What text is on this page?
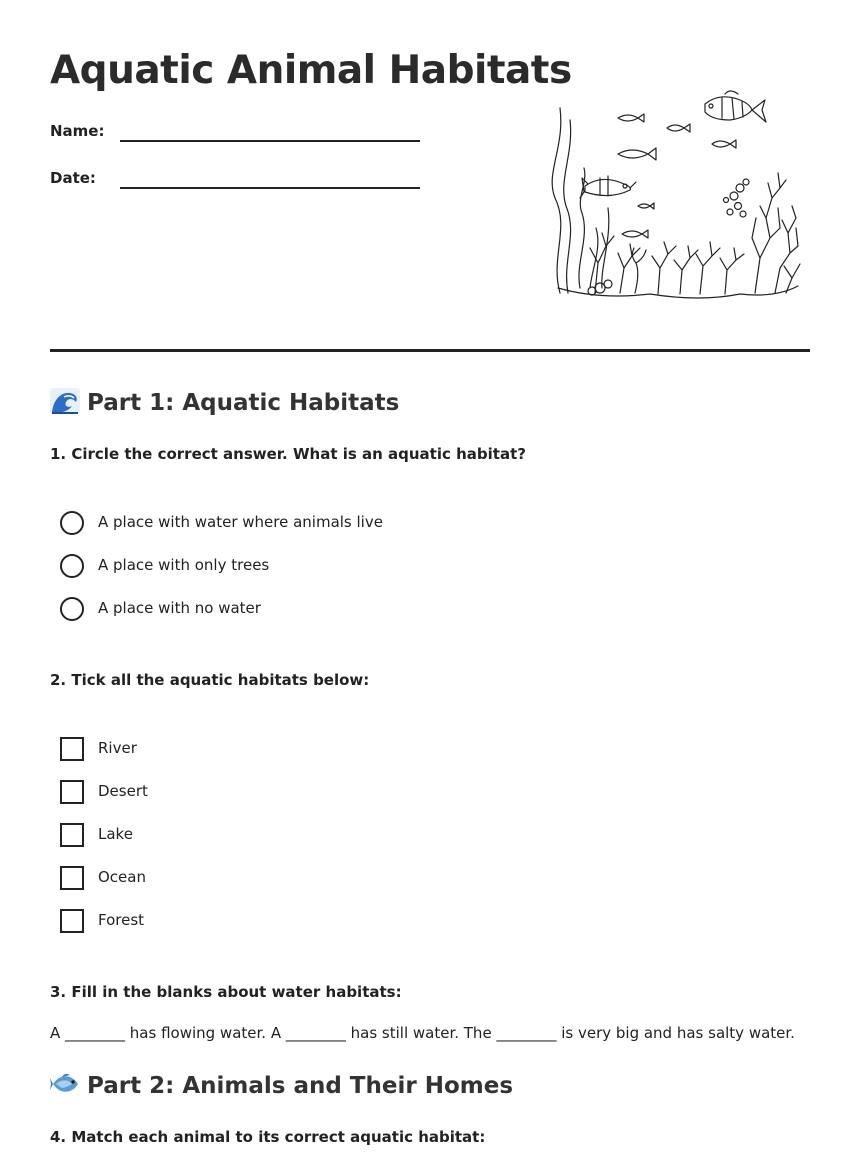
Aquatic Animal Habitats
Name:
Date:
Part 1: Aquatic Habitats

1. Circle the correct answer. What is an aquatic habitat?

A place with water where animals live
A place with only trees
A place with no water

2. Tick all the aquatic habitats below:

River
Desert
Lake
Ocean
Forest

3. Fill in the blanks about water habitats:

A ________ has flowing water. A ________ has still water. The ________ is very big and has salty water.

Part 2: Animals and Their Homes

4. Match each animal to its correct aquatic habitat:
